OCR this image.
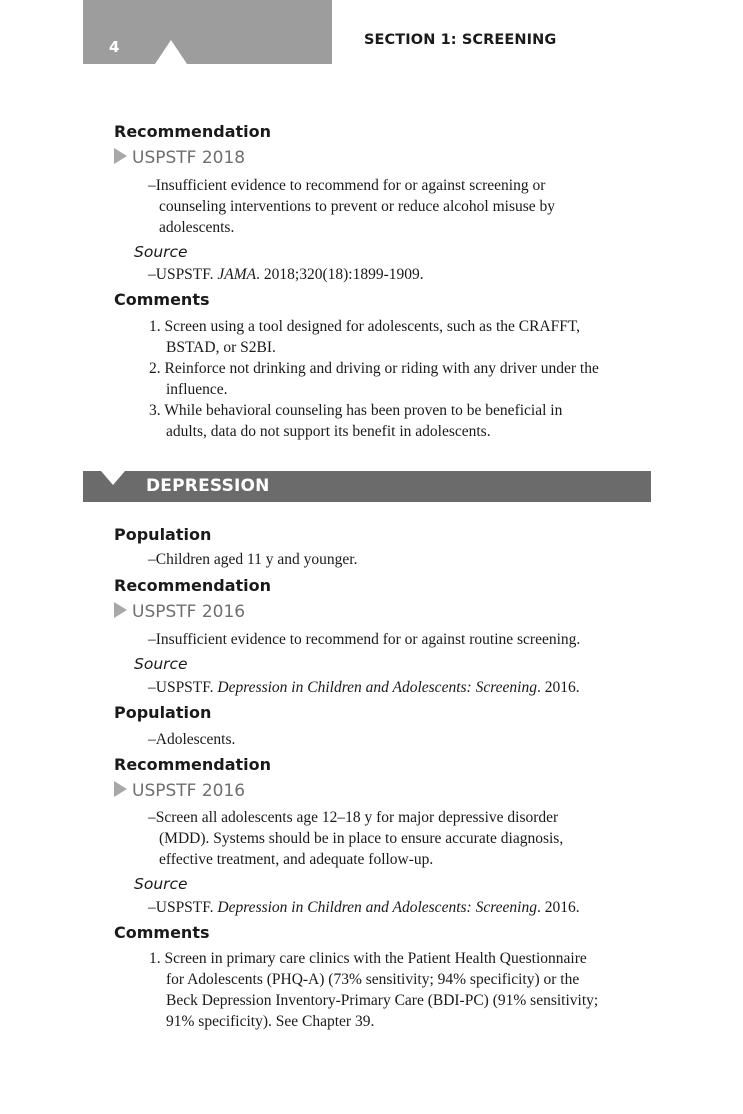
4	SECTION 1: SCREENING
Recommendation
USPSTF 2018
–Insufficient evidence to recommend for or against screening or
counseling interventions to prevent or reduce alcohol misuse by
adolescents.
Source
–USPSTF. JAMA. 2018;320(18):1899-1909.
Comments
1. Screen using a tool designed for adolescents, such as the CRAFFT,
BSTAD, or S2BI.
2. Reinforce not drinking and driving or riding with any driver under the
influence.
3. While behavioral counseling has been proven to be beneficial in
adults, data do not support its benefit in adolescents.
DEPRESSION
Population
–Children aged 11 y and younger.
Recommendation
USPSTF 2016
–Insufficient evidence to recommend for or against routine screening.
Source
–USPSTF. Depression in Children and Adolescents: Screening. 2016.
Population
–Adolescents.
Recommendation
USPSTF 2016
–Screen all adolescents age 12–18 y for major depressive disorder
(MDD). Systems should be in place to ensure accurate diagnosis,
effective treatment, and adequate follow-up.
Source
–USPSTF. Depression in Children and Adolescents: Screening. 2016.
Comments
1. Screen in primary care clinics with the Patient Health Questionnaire
for Adolescents (PHQ-A) (73% sensitivity; 94% specificity) or the
Beck Depression Inventory-Primary Care (BDI-PC) (91% sensitivity;
91% specificity). See Chapter 39.
